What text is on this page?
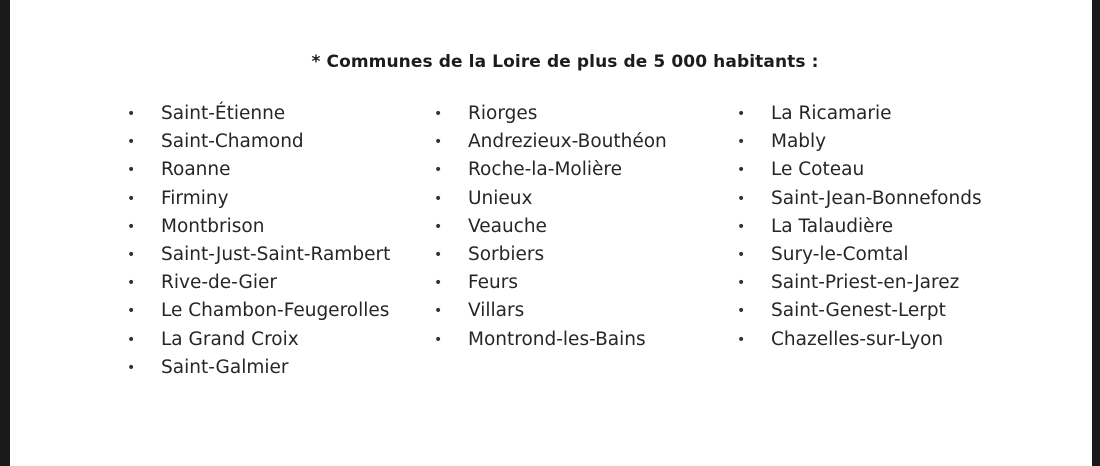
* Communes de la Loire de plus de 5 000 habitants :
• Saint-Étienne
• Saint-Chamond
• Roanne
• Firminy
• Montbrison
• Saint-Just-Saint-Rambert
• Rive-de-Gier
• Le Chambon-Feugerolles
• La Grand Croix
• Saint-Galmier
• Riorges
• Andrezieux-Bouthéon
• Roche-la-Molière
• Unieux
• Veauche
• Sorbiers
• Feurs
• Villars
• Montrond-les-Bains
• La Ricamarie
• Mably
• Le Coteau
• Saint-Jean-Bonnefonds
• La Talaudière
• Sury-le-Comtal
• Saint-Priest-en-Jarez
• Saint-Genest-Lerpt
• Chazelles-sur-Lyon
